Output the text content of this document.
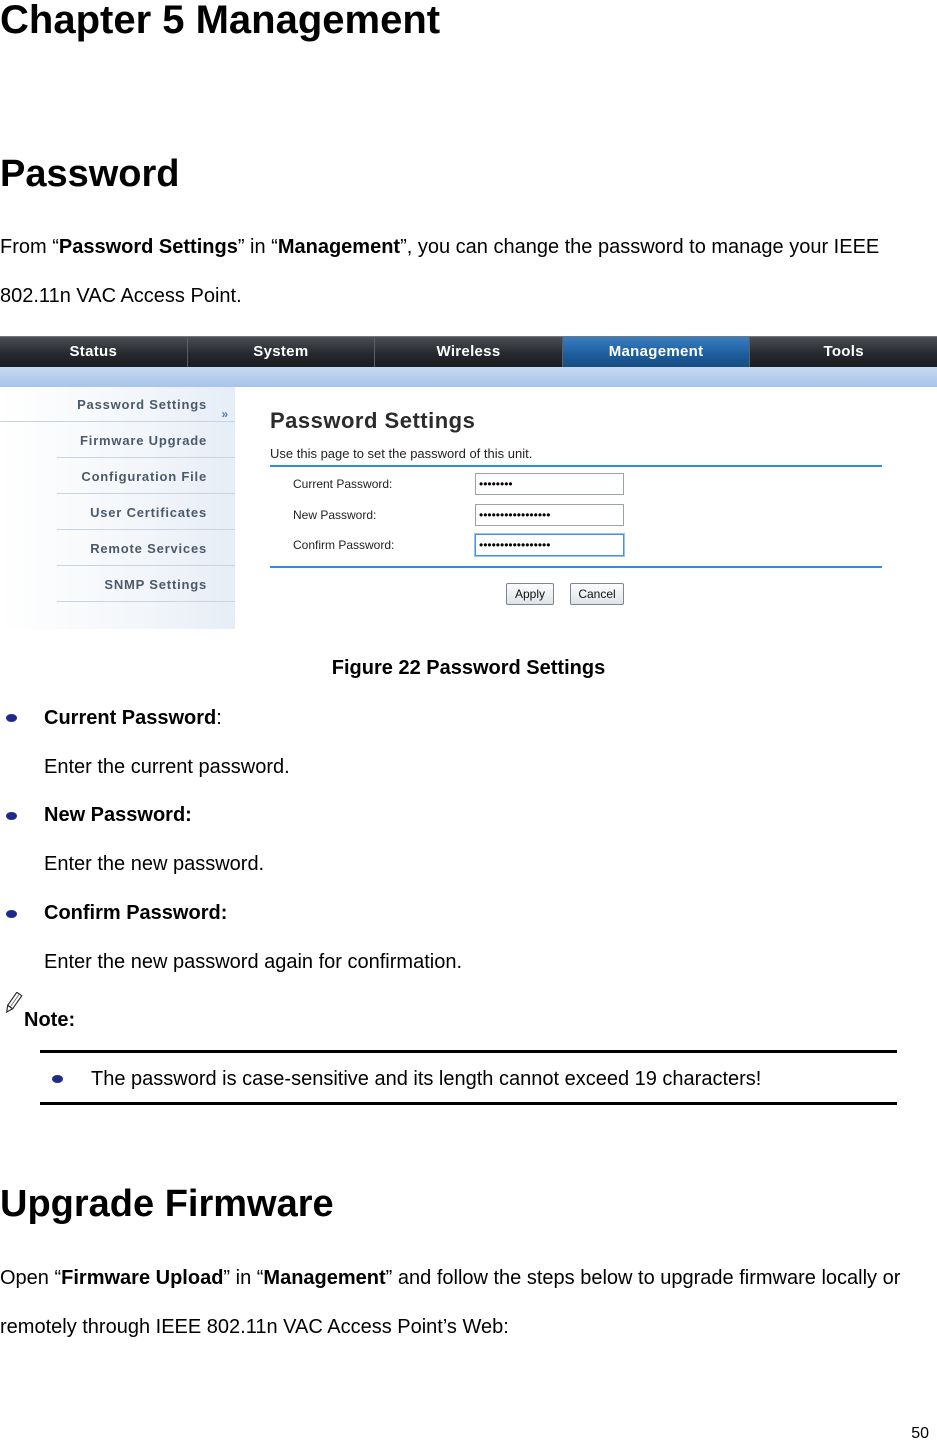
Chapter 5 Management
Password
From “Password Settings” in “Management”, you can change the password to manage your IEEE
802.11n VAC Access Point.
Status	System	Wireless	Management	Tools
Password Settings
»
Firmware Upgrade
Configuration File
User Certificates
Remote Services
SNMP Settings
Password Settings
Use this page to set the password of this unit.
Current Password:	••••••••
New Password:	•••••••••••••••••
Confirm Password:	•••••••••••••••••
Apply	Cancel
Figure 22 Password Settings
Current Password:
Enter the current password.
New Password:
Enter the new password.
Confirm Password:
Enter the new password again for confirmation.
Note:
The password is case-sensitive and its length cannot exceed 19 characters!
Upgrade Firmware
Open “Firmware Upload” in “Management” and follow the steps below to upgrade firmware locally or
remotely through IEEE 802.11n VAC Access Point’s Web:
50
